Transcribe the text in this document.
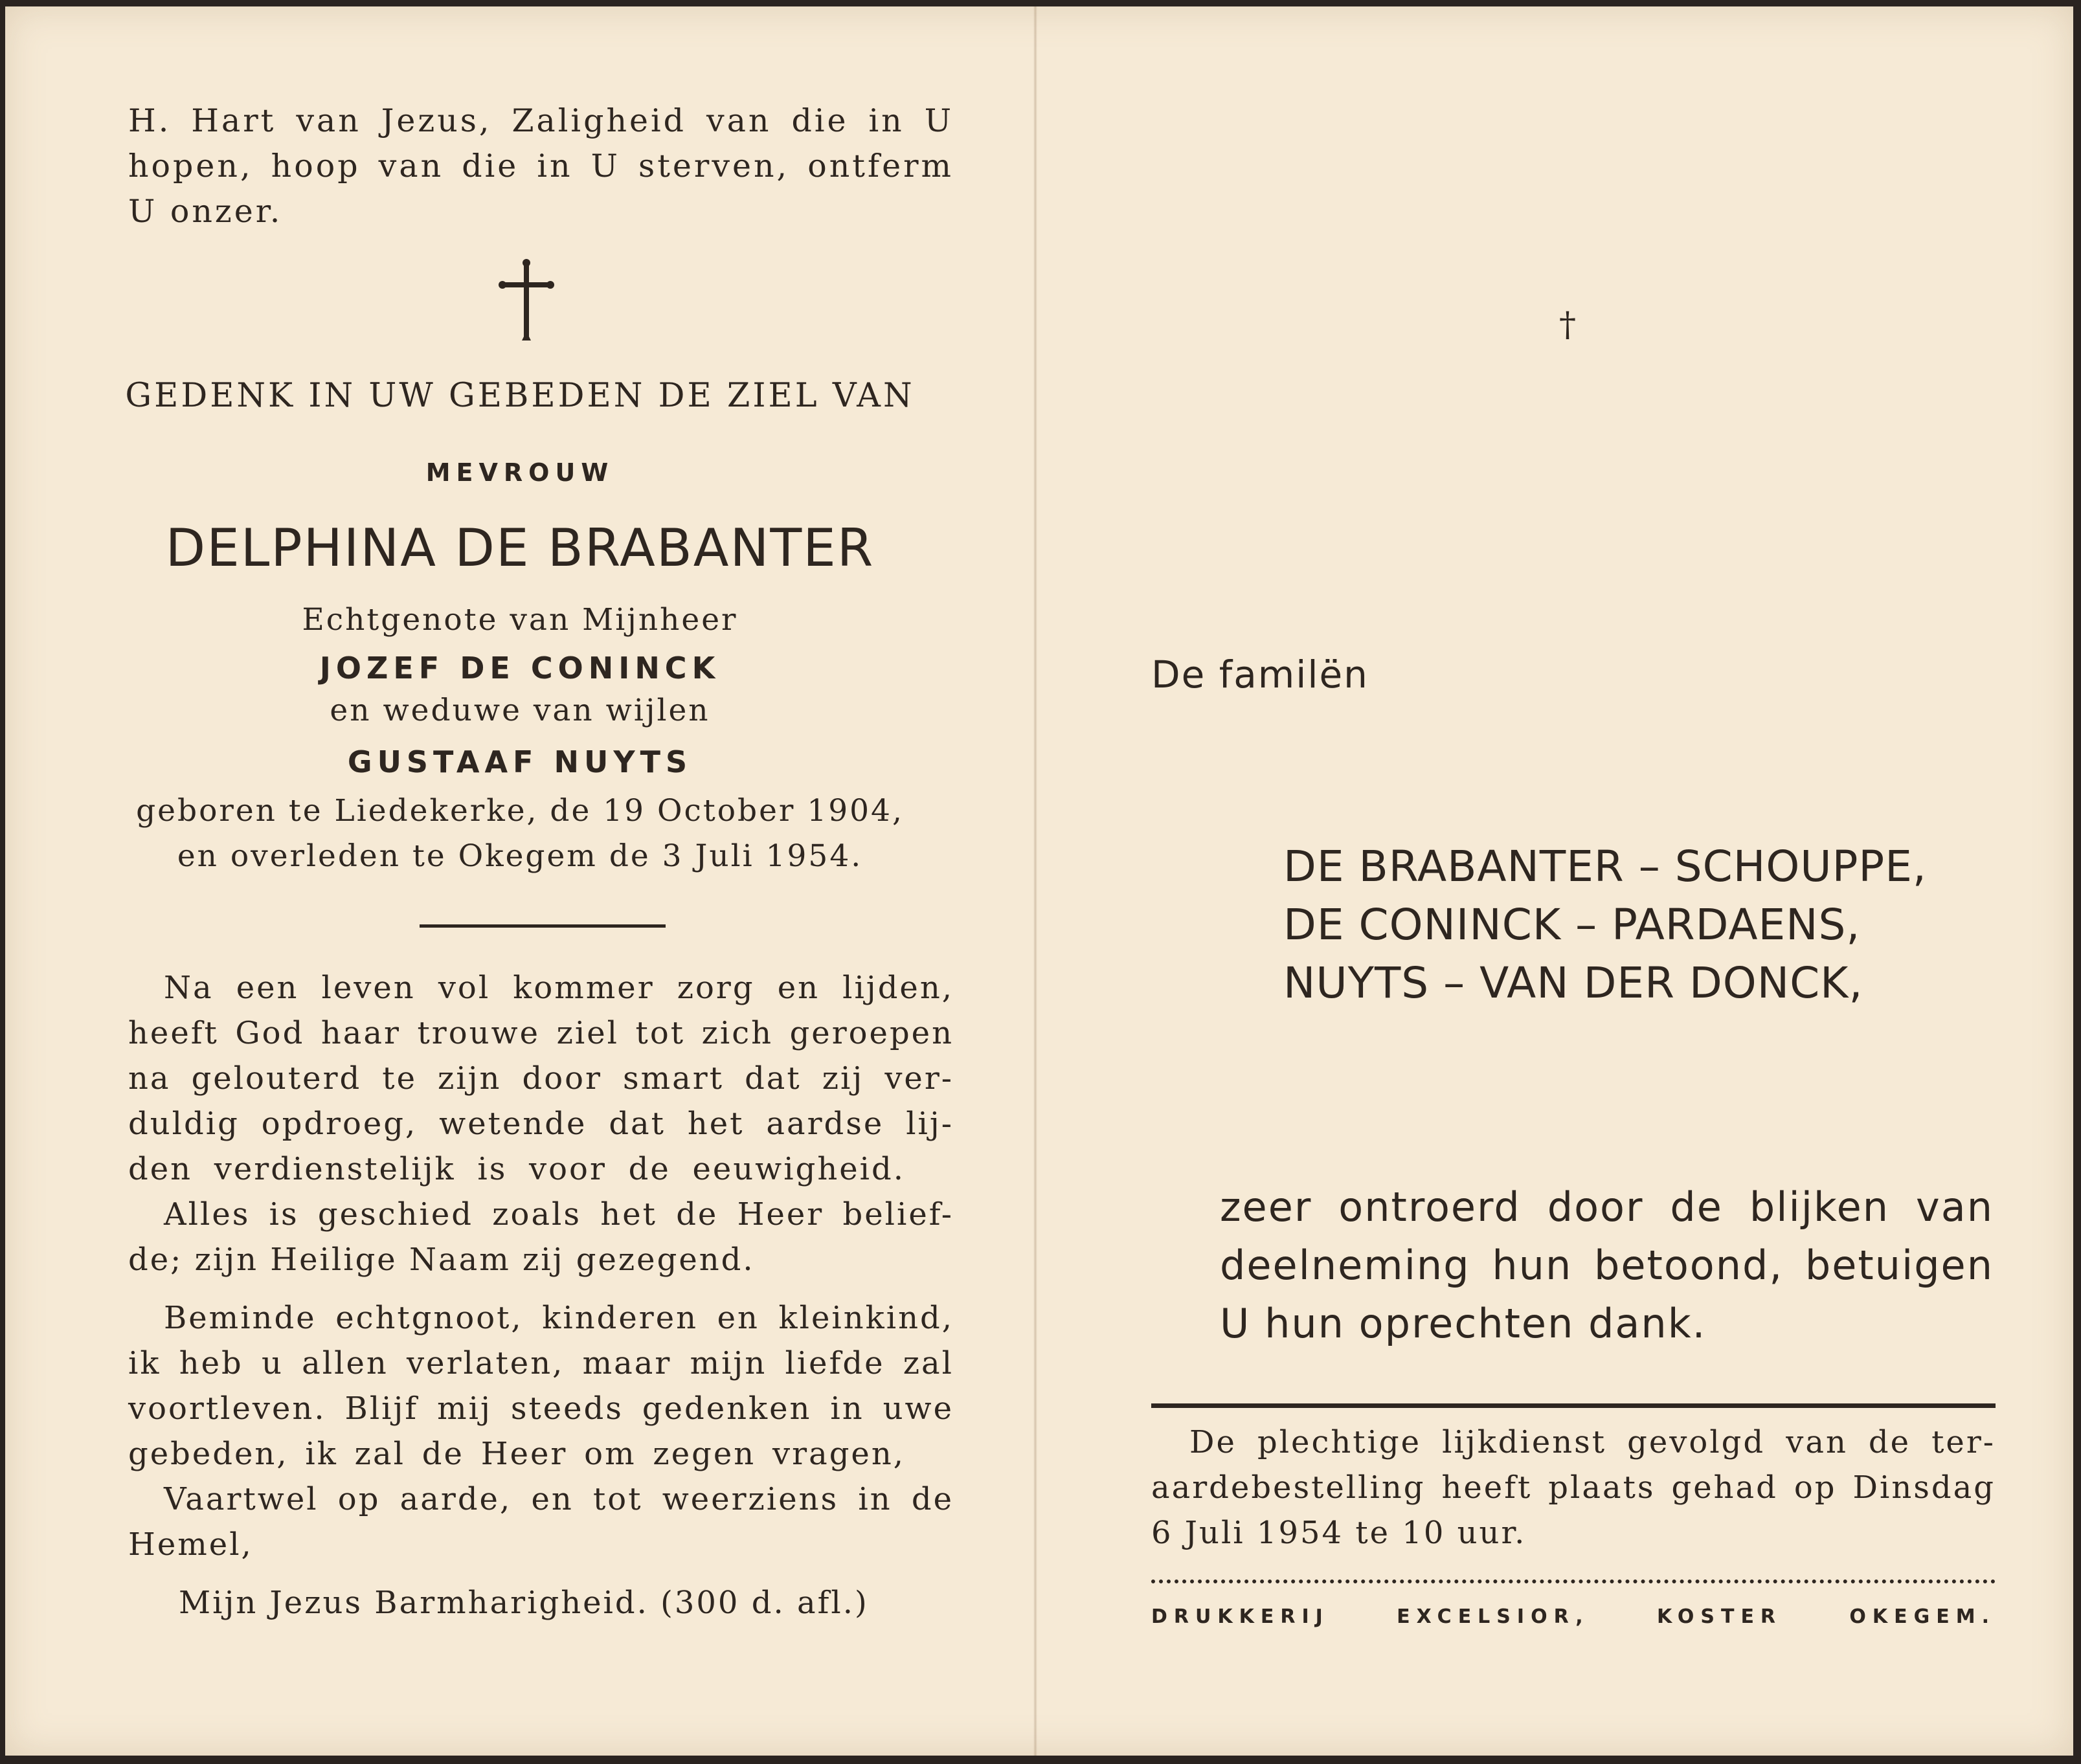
H. Hart van Jezus, Zaligheid van die in U
hopen, hoop van die in U sterven, ontferm
U onzer.
GEDENK IN UW GEBEDEN DE ZIEL VAN
MEVROUW
DELPHINA DE BRABANTER
Echtgenote van Mijnheer
JOZEF DE CONINCK
en weduwe van wijlen
GUSTAAF NUYTS
geboren te Liedekerke, de 19 October 1904,
en overleden te Okegem de 3 Juli 1954.
Na een leven vol kommer zorg en lijden,
heeft God haar trouwe ziel tot zich geroepen
na gelouterd te zijn door smart dat zij ver-
duldig opdroeg, wetende dat het aardse lij-
den verdienstelijk is voor de eeuwigheid.
Alles is geschied zoals het de Heer belief-
de; zijn Heilige Naam zij gezegend.
Beminde echtgnoot, kinderen en kleinkind,
ik heb u allen verlaten, maar mijn liefde zal
voortleven. Blijf mij steeds gedenken in uwe
gebeden, ik zal de Heer om zegen vragen,
Vaartwel op aarde, en tot weerziens in de
Hemel,
Mijn Jezus Barmharigheid. (300 d. afl.)
†
De familën
DE BRABANTER – SCHOUPPE,
DE CONINCK – PARDAENS,
NUYTS – VAN DER DONCK,
zeer ontroerd door de blijken van
deelneming hun betoond, betuigen
U hun oprechten dank.
De plechtige lijkdienst gevolgd van de ter-
aardebestelling heeft plaats gehad op Dinsdag
6 Juli 1954 te 10 uur.
DRUKKERIJ EXCELSIOR, KOSTER OKEGEM.
